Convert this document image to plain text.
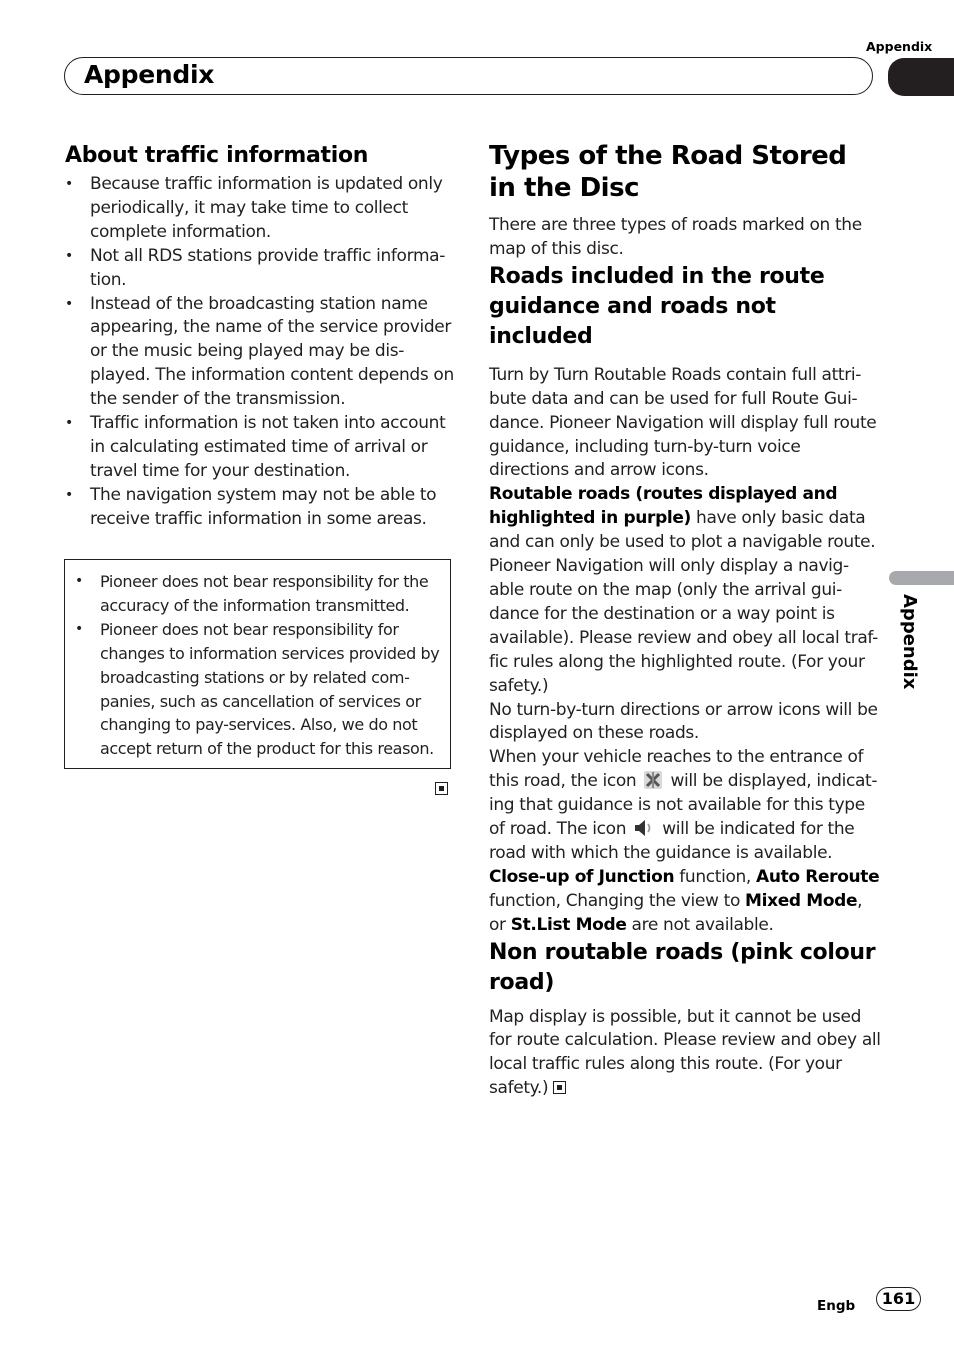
Appendix
Appendix
Appendix
About traffic information
• Because traffic information is updated only periodically, it may take time to collect complete information.
• Not all RDS stations provide traffic informa-tion.
• Instead of the broadcasting station name appearing, the name of the service provider or the music being played may be dis-played. The information content depends on the sender of the transmission.
• Traffic information is not taken into account in calculating estimated time of arrival or travel time for your destination.
• The navigation system may not be able to receive traffic information in some areas.
• Pioneer does not bear responsibility for the accuracy of the information transmitted.
• Pioneer does not bear responsibility for changes to information services provided by broadcasting stations or by related com-panies, such as cancellation of services or changing to pay-services. Also, we do not accept return of the product for this reason.
Types of the Road Stored in the Disc

There are three types of roads marked on the map of this disc.

Roads included in the route guidance and roads not included

Turn by Turn Routable Roads contain full attri-bute data and can be used for full Route Gui-dance. Pioneer Navigation will display full route guidance, including turn-by-turn voice directions and arrow icons.

Routable roads (routes displayed and highlighted in purple) have only basic data and can only be used to plot a navigable route. Pioneer Navigation will only display a navig-able route on the map (only the arrival gui-dance for the destination or a way point is available). Please review and obey all local traf-fic rules along the highlighted route. (For your safety.)

No turn-by-turn directions or arrow icons will be displayed on these roads.

When your vehicle reaches to the entrance of this road, the icon  will be displayed, indicat-ing that guidance is not available for this type of road. The icon  will be indicated for the road with which the guidance is available.

Close-up of Junction function, Auto Reroute function, Changing the view to Mixed Mode, or St.List Mode are not available.

Non routable roads (pink colour road)

Map display is possible, but it cannot be used for route calculation. Please review and obey all local traffic rules along this route. (For your safety.)

Engb	161
